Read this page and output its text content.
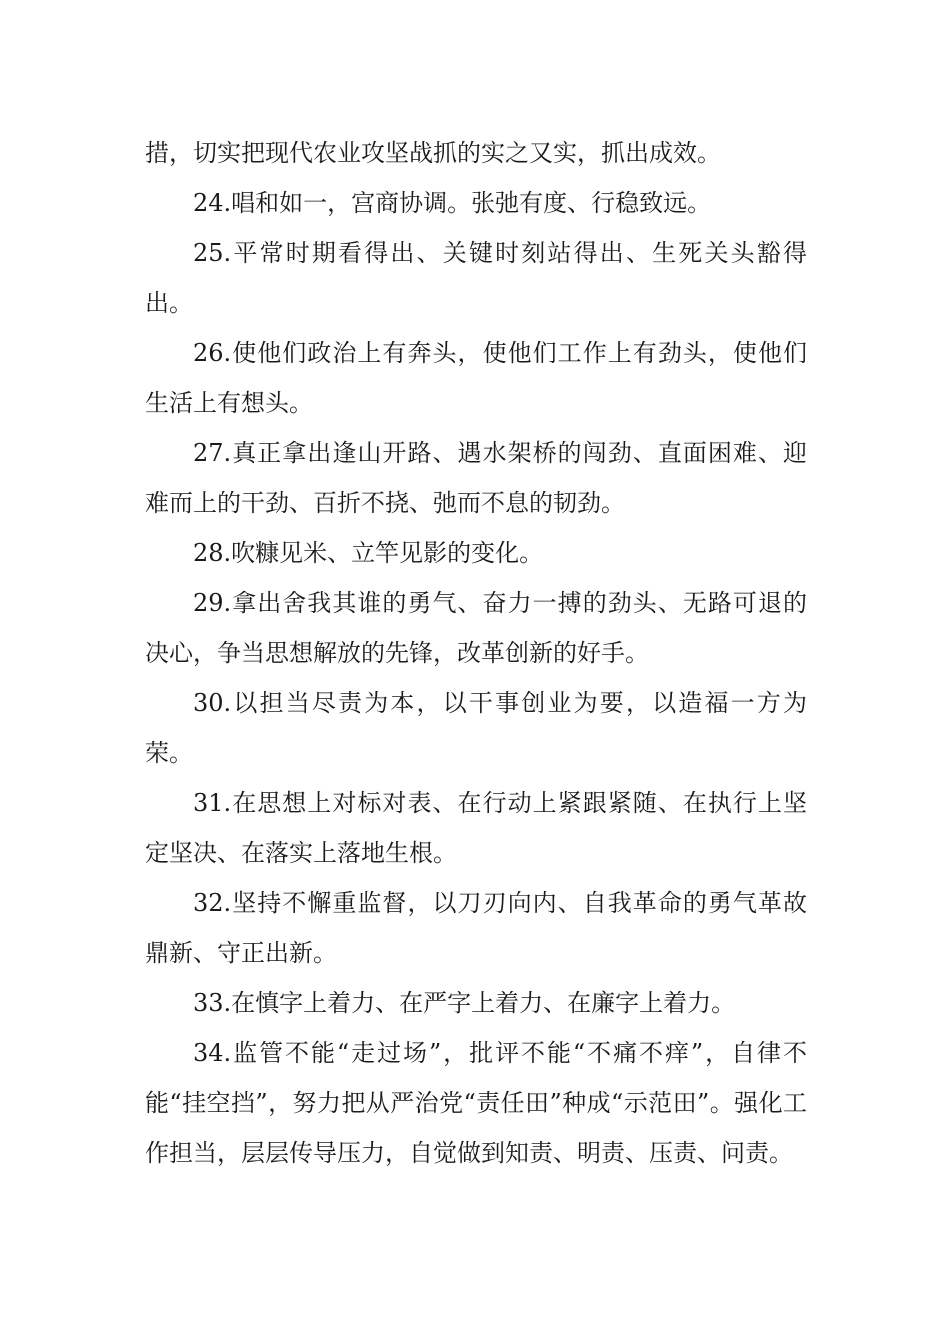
措，切实把现代农业攻坚战抓的实之又实，抓出成效。

24.唱和如一，宫商协调。张弛有度、行稳致远。

25.平常时期看得出、关键时刻站得出、生死关头豁得出。

26.使他们政治上有奔头，使他们工作上有劲头，使他们生活上有想头。

27.真正拿出逢山开路、遇水架桥的闯劲、直面困难、迎难而上的干劲、百折不挠、弛而不息的韧劲。

28.吹糠见米、立竿见影的变化。

29.拿出舍我其谁的勇气、奋力一搏的劲头、无路可退的决心，争当思想解放的先锋，改革创新的好手。

30.以担当尽责为本，以干事创业为要，以造福一方为荣。

31.在思想上对标对表、在行动上紧跟紧随、在执行上坚定坚决、在落实上落地生根。

32.坚持不懈重监督，以刀刃向内、自我革命的勇气革故鼎新、守正出新。

33.在慎字上着力、在严字上着力、在廉字上着力。

34.监管不能“走过场”，批评不能“不痛不痒”，自律不能“挂空挡”，努力把从严治党“责任田”种成“示范田”。强化工作担当，层层传导压力，自觉做到知责、明责、压责、问责。
